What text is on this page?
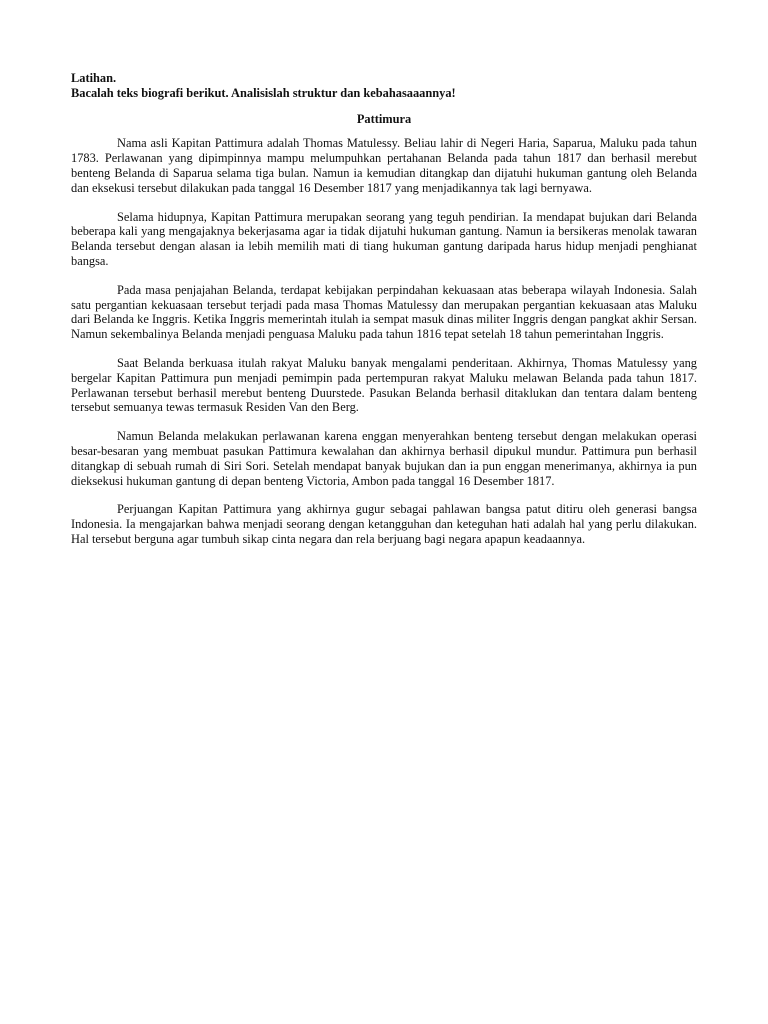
Latihan.

Bacalah teks biografi berikut. Analisislah struktur dan kebahasaaannya!

Pattimura

Nama asli Kapitan Pattimura adalah Thomas Matulessy. Beliau lahir di Negeri Haria, Saparua, Maluku pada tahun 1783. Perlawanan yang dipimpinnya mampu melumpuhkan pertahanan Belanda pada tahun 1817 dan berhasil merebut benteng Belanda di Saparua selama tiga bulan. Namun ia kemudian ditangkap dan dijatuhi hukuman gantung oleh Belanda dan eksekusi tersebut dilakukan pada tanggal 16 Desember 1817 yang menjadikannya tak lagi bernyawa.

Selama hidupnya, Kapitan Pattimura merupakan seorang yang teguh pendirian. Ia mendapat bujukan dari Belanda beberapa kali yang mengajaknya bekerjasama agar ia tidak dijatuhi hukuman gantung. Namun ia bersikeras menolak tawaran Belanda tersebut dengan alasan ia lebih memilih mati di tiang hukuman gantung daripada harus hidup menjadi penghianat bangsa.

Pada masa penjajahan Belanda, terdapat kebijakan perpindahan kekuasaan atas beberapa wilayah Indonesia. Salah satu pergantian kekuasaan tersebut terjadi pada masa Thomas Matulessy dan merupakan pergantian kekuasaan atas Maluku dari Belanda ke Inggris. Ketika Inggris memerintah itulah ia sempat masuk dinas militer Inggris dengan pangkat akhir Sersan. Namun sekembalinya Belanda menjadi penguasa Maluku pada tahun 1816 tepat setelah 18 tahun pemerintahan Inggris.

Saat Belanda berkuasa itulah rakyat Maluku banyak mengalami penderitaan. Akhirnya, Thomas Matulessy yang bergelar Kapitan Pattimura pun menjadi pemimpin pada pertempuran rakyat Maluku melawan Belanda pada tahun 1817. Perlawanan tersebut berhasil merebut benteng Duurstede. Pasukan Belanda berhasil ditaklukan dan tentara dalam benteng tersebut semuanya tewas termasuk Residen Van den Berg.

Namun Belanda melakukan perlawanan karena enggan menyerahkan benteng tersebut dengan melakukan operasi besar-besaran yang membuat pasukan Pattimura kewalahan dan akhirnya berhasil dipukul mundur. Pattimura pun berhasil ditangkap di sebuah rumah di Siri Sori. Setelah mendapat banyak bujukan dan ia pun enggan menerimanya, akhirnya ia pun dieksekusi hukuman gantung di depan benteng Victoria, Ambon pada tanggal 16 Desember 1817.

Perjuangan Kapitan Pattimura yang akhirnya gugur sebagai pahlawan bangsa patut ditiru oleh generasi bangsa Indonesia. Ia mengajarkan bahwa menjadi seorang dengan ketangguhan dan keteguhan hati adalah hal yang perlu dilakukan. Hal tersebut berguna agar tumbuh sikap cinta negara dan rela berjuang bagi negara apapun keadaannya.
